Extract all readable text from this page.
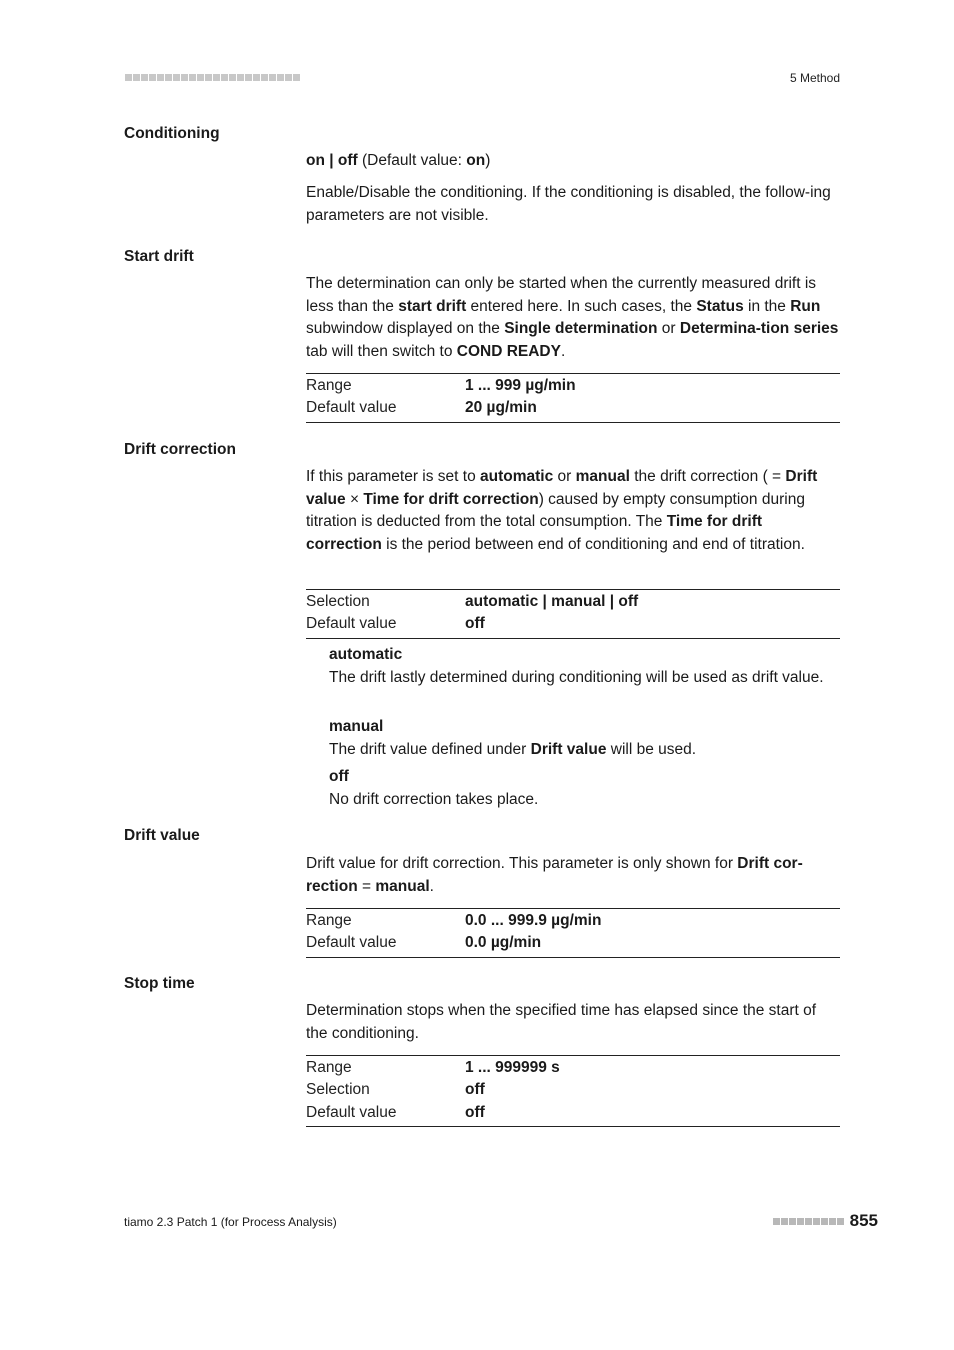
5 Method
Conditioning
on | off (Default value: on)
Enable/Disable the conditioning. If the conditioning is disabled, the follow-ing parameters are not visible.
Start drift
The determination can only be started when the currently measured drift is less than the start drift entered here. In such cases, the Status in the Run subwindow displayed on the Single determination or Determina-tion series tab will then switch to COND READY.
Range	1 ... 999 µg/min
Default value	20 µg/min
Drift correction
If this parameter is set to automatic or manual the drift correction ( = Drift value × Time for drift correction) caused by empty consumption during titration is deducted from the total consumption. The Time for drift correction is the period between end of conditioning and end of titration.
Selection	automatic | manual | off
Default value	off
automatic
The drift lastly determined during conditioning will be used as drift value.
manual
The drift value defined under Drift value will be used.
off
No drift correction takes place.
Drift value
Drift value for drift correction. This parameter is only shown for Drift cor-rection = manual.
Range	0.0 ... 999.9 µg/min
Default value	0.0 µg/min
Stop time
Determination stops when the specified time has elapsed since the start of the conditioning.
Range	1 ... 999999 s
Selection	off
Default value	off
tiamo 2.3 Patch 1 (for Process Analysis)	855
